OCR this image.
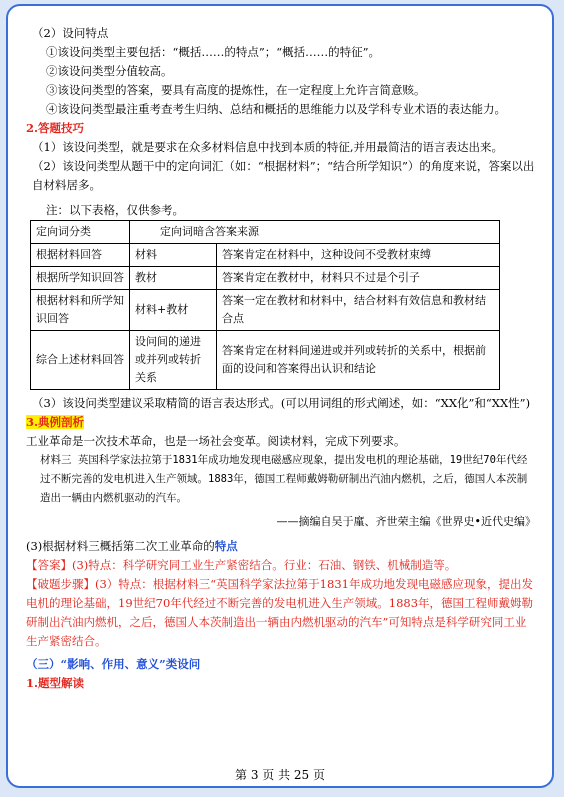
（2）设问特点

①该设问类型主要包括：“概括……的特点”；“概括……的特征”。

②该设问类型分值较高。

③该设问类型的答案，要具有高度的提炼性，在一定程度上允许言简意赅。

④该设问类型最注重考查考生归纳、总结和概括的思维能力以及学科专业术语的表达能力。

2.答题技巧

（1）该设问类型，就是要求在众多材料信息中找到本质的特征,并用最简洁的语言表达出来。

（2）该设问类型从题干中的定向词汇（如：“根据材料”；“结合所学知识”）的角度来说，答案以出自材料居多。

注：以下表格，仅供参考。

定向词分类	定向词暗含答案来源	
根据材料回答	材料	答案肯定在材料中，这种设问不受教材束缚
根据所学知识回答	教材	答案肯定在教材中，材料只不过是个引子
根据材料和所学知识回答	材料+教材	答案一定在教材和材料中，结合材料有效信息和教材结合点
综合上述材料回答	设问间的递进或并列或转折关系	答案肯定在材料间递进或并列或转折的关系中，根据前面的设问和答案得出认识和结论

（3）该设问类型建议采取精简的语言表达形式。(可以用词组的形式阐述，如：“XX化”和“XX性”)

3.典例剖析

工业革命是一次技术革命，也是一场社会变革。阅读材料，完成下列要求。

材料三 英国科学家法拉第于1831年成功地发现电磁感应现象，提出发电机的理论基础，19世纪70年代经过不断完善的发电机进入生产领域。1883年，德国工程师戴姆勒研制出汽油内燃机，之后，德国人本茨制造出一辆由内燃机驱动的汽车。

——摘编自吴于廑、齐世荣主编《世界史•近代史编》

(3)根据材料三概括第二次工业革命的特点

【答案】(3)特点：科学研究同工业生产紧密结合。行业：石油、钢铁、机械制造等。

【破题步骤】(3）特点：根据材料三“英国科学家法拉第于1831年成功地发现电磁感应现象，提出发电机的理论基础，19世纪70年代经过不断完善的发电机进入生产领域。1883年，德国工程师戴姆勒研制出汽油内燃机，之后，德国人本茨制造出一辆由内燃机驱动的汽车”可知特点是科学研究同工业生产紧密结合。

（三）“影响、作用、意义”类设问

1.题型解读

第 3 页 共 25 页
